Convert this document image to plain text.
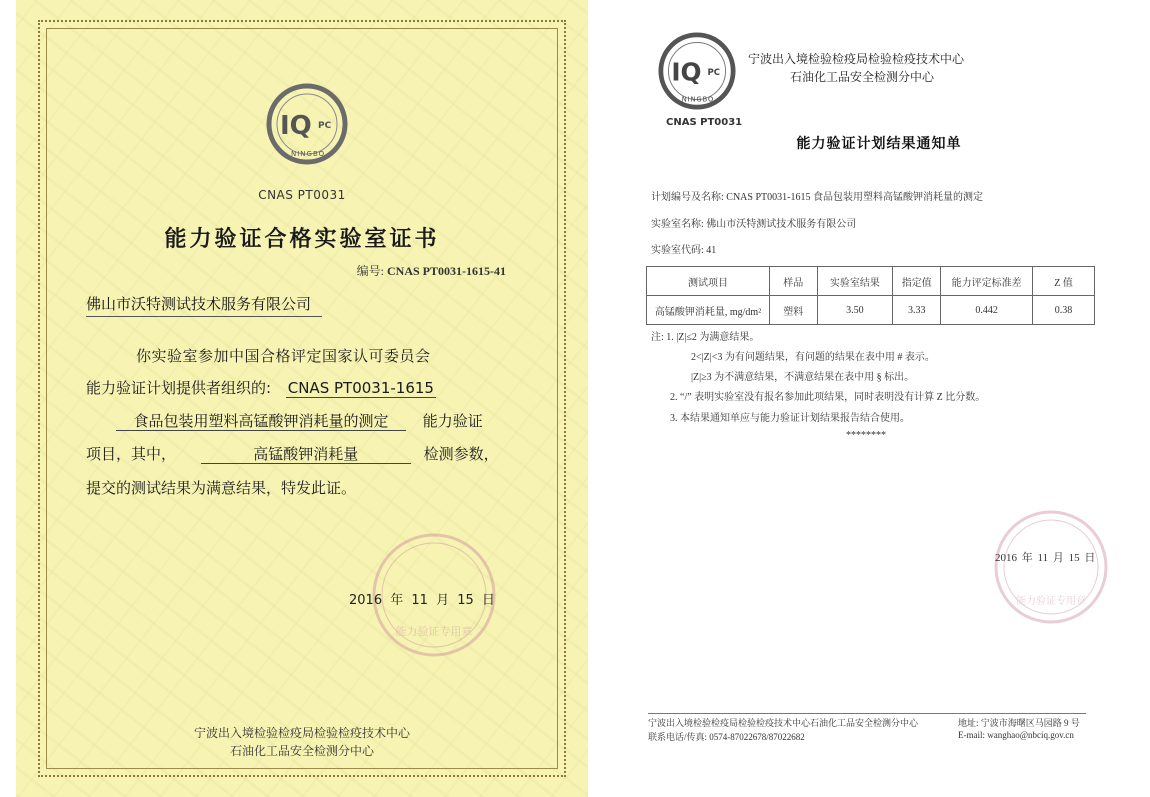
IQ PC
NINGBO
CNAS PT0031
能力验证合格实验室证书
编号: CNAS PT0031-1615-41
佛山市沃特测试技术服务有限公司
你实验室参加中国合格评定国家认可委员会
能力验证计划提供者组织的: CNAS PT0031-1615
食品包装用塑料高锰酸钾消耗量的测定 能力验证
项目，其中，	高锰酸钾消耗量	检测参数，
提交的测试结果为满意结果，特发此证。
能力验证专用章
2016 年 11 月 15 日
宁波出入境检验检疫局检验检疫技术中心
石油化工品安全检测分中心
IQ PC
NINGBO
宁波出入境检验检疫局检验检疫技术中心
石油化工品安全检测分中心
CNAS PT0031
能力验证计划结果通知单
计划编号及名称: CNAS PT0031-1615 食品包装用塑料高锰酸钾消耗量的测定
实验室名称: 佛山市沃特测试技术服务有限公司
实验室代码: 41
测试项目	样品	实验室结果	指定值	能力评定标准差	Z 值
高锰酸钾消耗量, mg/dm²	塑料	3.50	3.33	0.442	0.38
注: 1. |Z|≤2 为满意结果。
2<|Z|<3 为有问题结果，有问题的结果在表中用 # 表示。
|Z|≥3 为不满意结果，不满意结果在表中用 § 标出。
2. “/” 表明实验室没有报名参加此项结果，同时表明没有计算 Z 比分数。
3. 本结果通知单应与能力验证计划结果报告结合使用。
********
能力验证专用章
2016 年 11 月 15 日
宁波出入境检验检疫局检验检疫技术中心石油化工品安全检测分中心
联系电话/传真: 0574-87022678/87022682
地址: 宁波市海曙区马园路 9 号
E-mail: wanghao@nbciq.gov.cn
